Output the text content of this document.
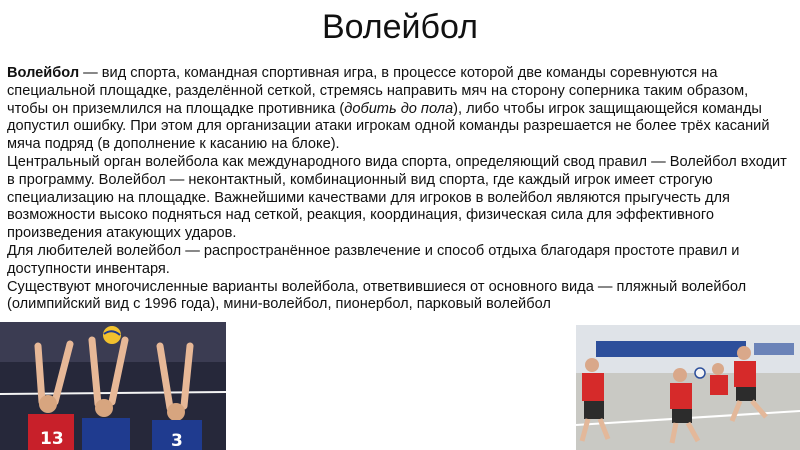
Волейбол

Волейбол — вид спорта, командная спортивная игра, в процессе которой две команды соревнуются на специальной площадке, разделённой сеткой, стремясь направить мяч на сторону соперника таким образом, чтобы он приземлился на площадке противника (добить до пола), либо чтобы игрок защищающейся команды допустил ошибку. При этом для организации атаки игрокам одной команды разрешается не более трёх касаний мяча подряд (в дополнение к касанию на блоке).

Центральный орган волейбола как международного вида спорта, определяющий свод правил — Волейбол входит в программу. Волейбол — неконтактный, комбинационный вид спорта, где каждый игрок имеет строгую специализацию на площадке. Важнейшими качествами для игроков в волейбол являются прыгучесть для возможности высоко подняться над сеткой, реакция, координация, физическая сила для эффективного произведения атакующих ударов.

Для любителей волейбол — распространённое развлечение и способ отдыха благодаря простоте правил и доступности инвентаря.

Существуют многочисленные варианты волейбола, ответвившиеся от основного вида — пляжный волейбол (олимпийский вид с 1996 года), мини-волейбол, пионербол, парковый волейбол

13	3
